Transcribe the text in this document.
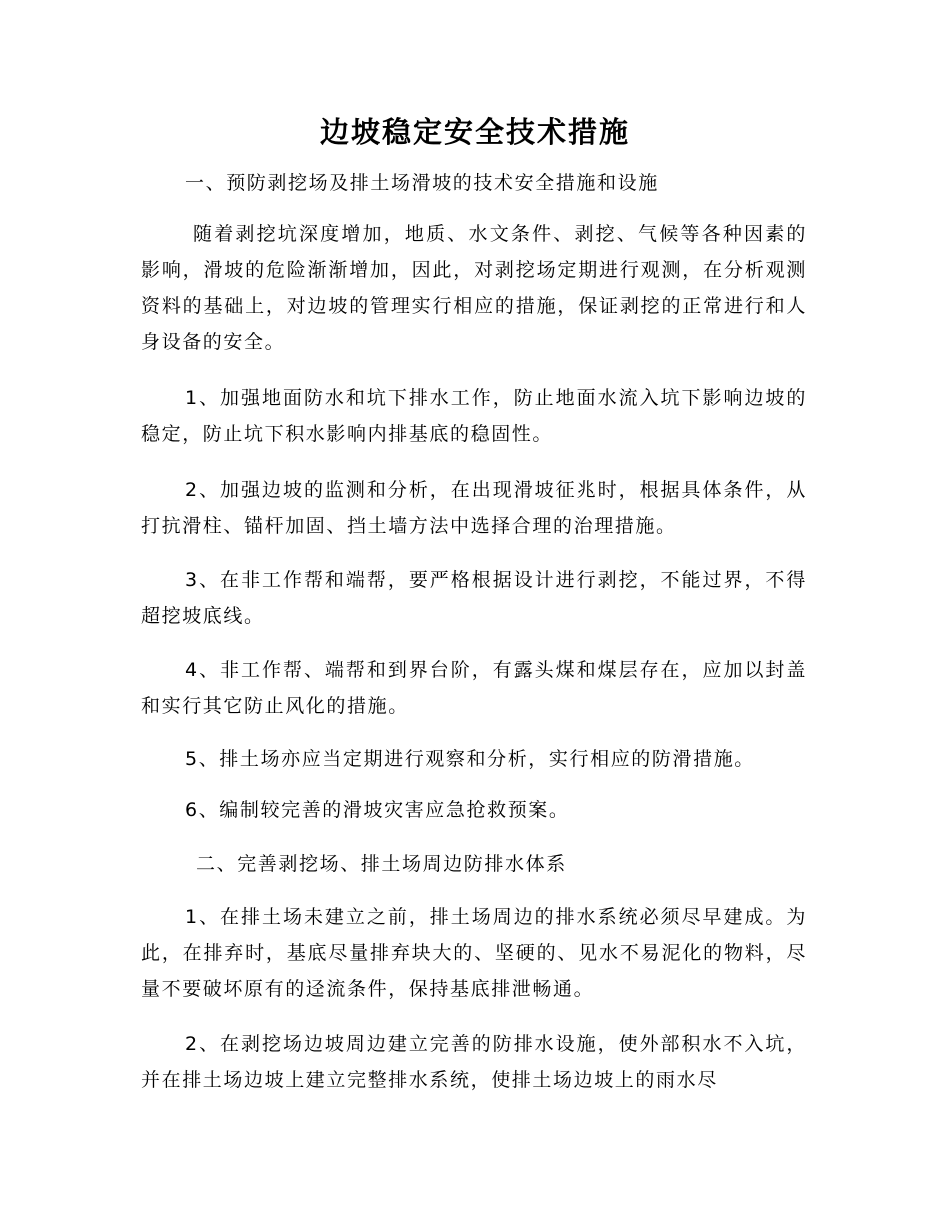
边坡稳定安全技术措施

一、预防剥挖场及排土场滑坡的技术安全措施和设施

随着剥挖坑深度增加，地质、水文条件、剥挖、气候等各种因素的影响，滑坡的危险渐渐增加，因此，对剥挖场定期进行观测，在分析观测资料的基础上，对边坡的管理实行相应的措施，保证剥挖的正常进行和人身设备的安全。

1、加强地面防水和坑下排水工作，防止地面水流入坑下影响边坡的稳定，防止坑下积水影响内排基底的稳固性。

2、加强边坡的监测和分析，在出现滑坡征兆时，根据具体条件，从打抗滑柱、锚杆加固、挡土墙方法中选择合理的治理措施。

3、在非工作帮和端帮，要严格根据设计进行剥挖，不能过界，不得超挖坡底线。

4、非工作帮、端帮和到界台阶，有露头煤和煤层存在，应加以封盖和实行其它防止风化的措施。

5、排土场亦应当定期进行观察和分析，实行相应的防滑措施。

6、编制较完善的滑坡灾害应急抢救预案。

二、完善剥挖场、排土场周边防排水体系

1、在排土场未建立之前，排土场周边的排水系统必须尽早建成。为此，在排弃时，基底尽量排弃块大的、坚硬的、见水不易泥化的物料，尽量不要破坏原有的迳流条件，保持基底排泄畅通。

2、在剥挖场边坡周边建立完善的防排水设施，使外部积水不入坑，并在排土场边坡上建立完整排水系统，使排土场边坡上的雨水尽
